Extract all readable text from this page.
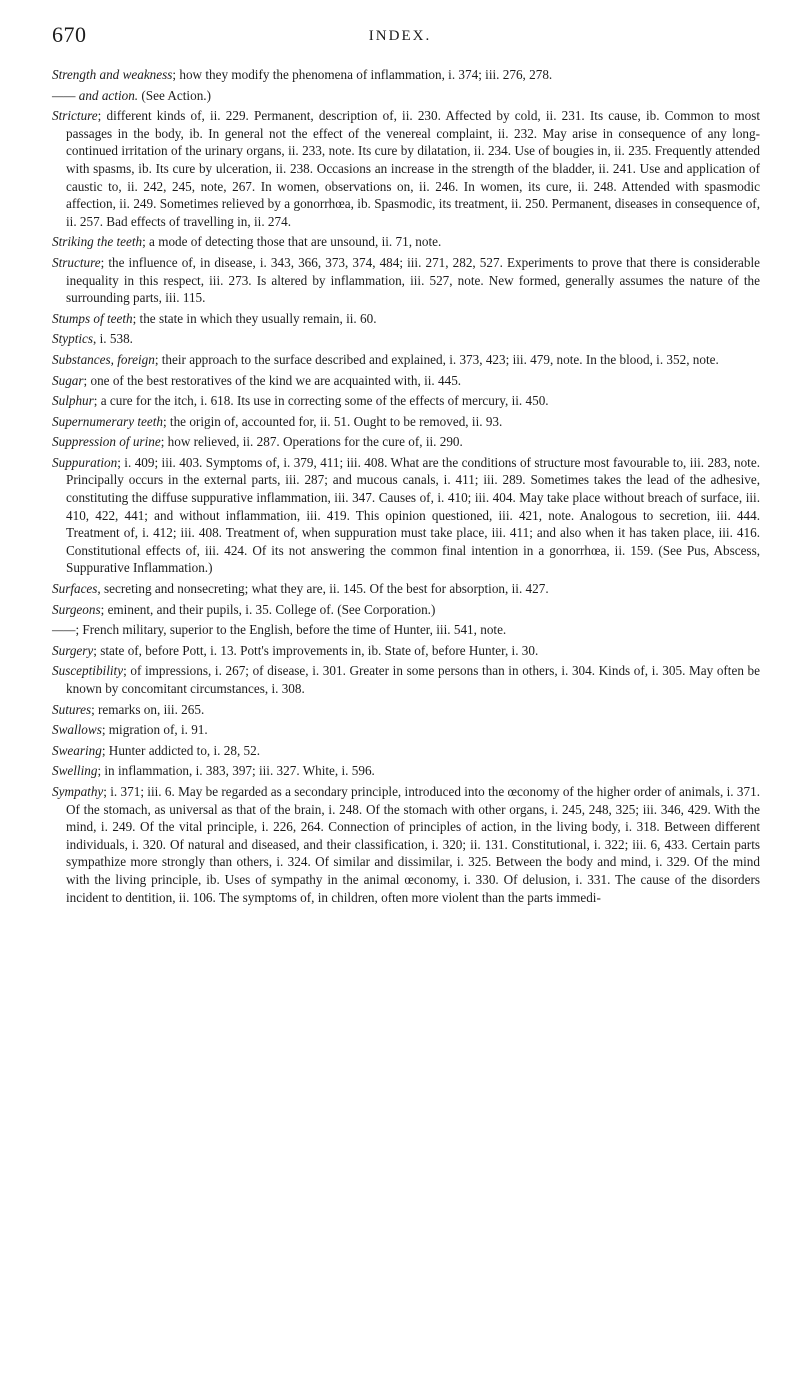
670	INDEX.

Strength and weakness; how they modify the phenomena of inflammation, i. 374; iii. 276, 278.

—— and action. (See Action.)

Stricture; different kinds of, ii. 229. Permanent, description of, ii. 230. Affected by cold, ii. 231. Its cause, ib. Common to most passages in the body, ib. In general not the effect of the venereal complaint, ii. 232. May arise in consequence of any long-continued irritation of the urinary organs, ii. 233, note. Its cure by dilatation, ii. 234. Use of bougies in, ii. 235. Frequently attended with spasms, ib. Its cure by ulceration, ii. 238. Occasions an increase in the strength of the bladder, ii. 241. Use and application of caustic to, ii. 242, 245, note, 267. In women, observations on, ii. 246. In women, its cure, ii. 248. Attended with spasmodic affection, ii. 249. Sometimes relieved by a gonorrhœa, ib. Spasmodic, its treatment, ii. 250. Permanent, diseases in consequence of, ii. 257. Bad effects of travelling in, ii. 274.

Striking the teeth; a mode of detecting those that are unsound, ii. 71, note.

Structure; the influence of, in disease, i. 343, 366, 373, 374, 484; iii. 271, 282, 527. Experiments to prove that there is considerable inequality in this respect, iii. 273. Is altered by inflammation, iii. 527, note. New formed, generally assumes the nature of the surrounding parts, iii. 115.

Stumps of teeth; the state in which they usually remain, ii. 60.

Styptics, i. 538.

Substances, foreign; their approach to the surface described and explained, i. 373, 423; iii. 479, note. In the blood, i. 352, note.

Sugar; one of the best restoratives of the kind we are acquainted with, ii. 445.

Sulphur; a cure for the itch, i. 618. Its use in correcting some of the effects of mercury, ii. 450.

Supernumerary teeth; the origin of, accounted for, ii. 51. Ought to be removed, ii. 93.

Suppression of urine; how relieved, ii. 287. Operations for the cure of, ii. 290.

Suppuration; i. 409; iii. 403. Symptoms of, i. 379, 411; iii. 408. What are the conditions of structure most favourable to, iii. 283, note. Principally occurs in the external parts, iii. 287; and mucous canals, i. 411; iii. 289. Sometimes takes the lead of the adhesive, constituting the diffuse suppurative inflammation, iii. 347. Causes of, i. 410; iii. 404. May take place without breach of surface, iii. 410, 422, 441; and without inflammation, iii. 419. This opinion questioned, iii. 421, note. Analogous to secretion, iii. 444. Treatment of, i. 412; iii. 408. Treatment of, when suppuration must take place, iii. 411; and also when it has taken place, iii. 416. Constitutional effects of, iii. 424. Of its not answering the common final intention in a gonorrhœa, ii. 159. (See Pus, Abscess, Suppurative Inflammation.)

Surfaces, secreting and nonsecreting; what they are, ii. 145. Of the best for absorption, ii. 427.

Surgeons; eminent, and their pupils, i. 35. College of. (See Corporation.)

——; French military, superior to the English, before the time of Hunter, iii. 541, note.

Surgery; state of, before Pott, i. 13. Pott's improvements in, ib. State of, before Hunter, i. 30.

Susceptibility; of impressions, i. 267; of disease, i. 301. Greater in some persons than in others, i. 304. Kinds of, i. 305. May often be known by concomitant circumstances, i. 308.

Sutures; remarks on, iii. 265.

Swallows; migration of, i. 91.

Swearing; Hunter addicted to, i. 28, 52.

Swelling; in inflammation, i. 383, 397; iii. 327. White, i. 596.

Sympathy; i. 371; iii. 6. May be regarded as a secondary principle, introduced into the œconomy of the higher order of animals, i. 371. Of the stomach, as universal as that of the brain, i. 248. Of the stomach with other organs, i. 245, 248, 325; iii. 346, 429. With the mind, i. 249. Of the vital principle, i. 226, 264. Connection of principles of action, in the living body, i. 318. Between different individuals, i. 320. Of natural and diseased, and their classification, i. 320; ii. 131. Constitutional, i. 322; iii. 6, 433. Certain parts sympathize more strongly than others, i. 324. Of similar and dissimilar, i. 325. Between the body and mind, i. 329. Of the mind with the living principle, ib. Uses of sympathy in the animal œconomy, i. 330. Of delusion, i. 331. The cause of the disorders incident to dentition, ii. 106. The symptoms of, in children, often more violent than the parts immedi-
